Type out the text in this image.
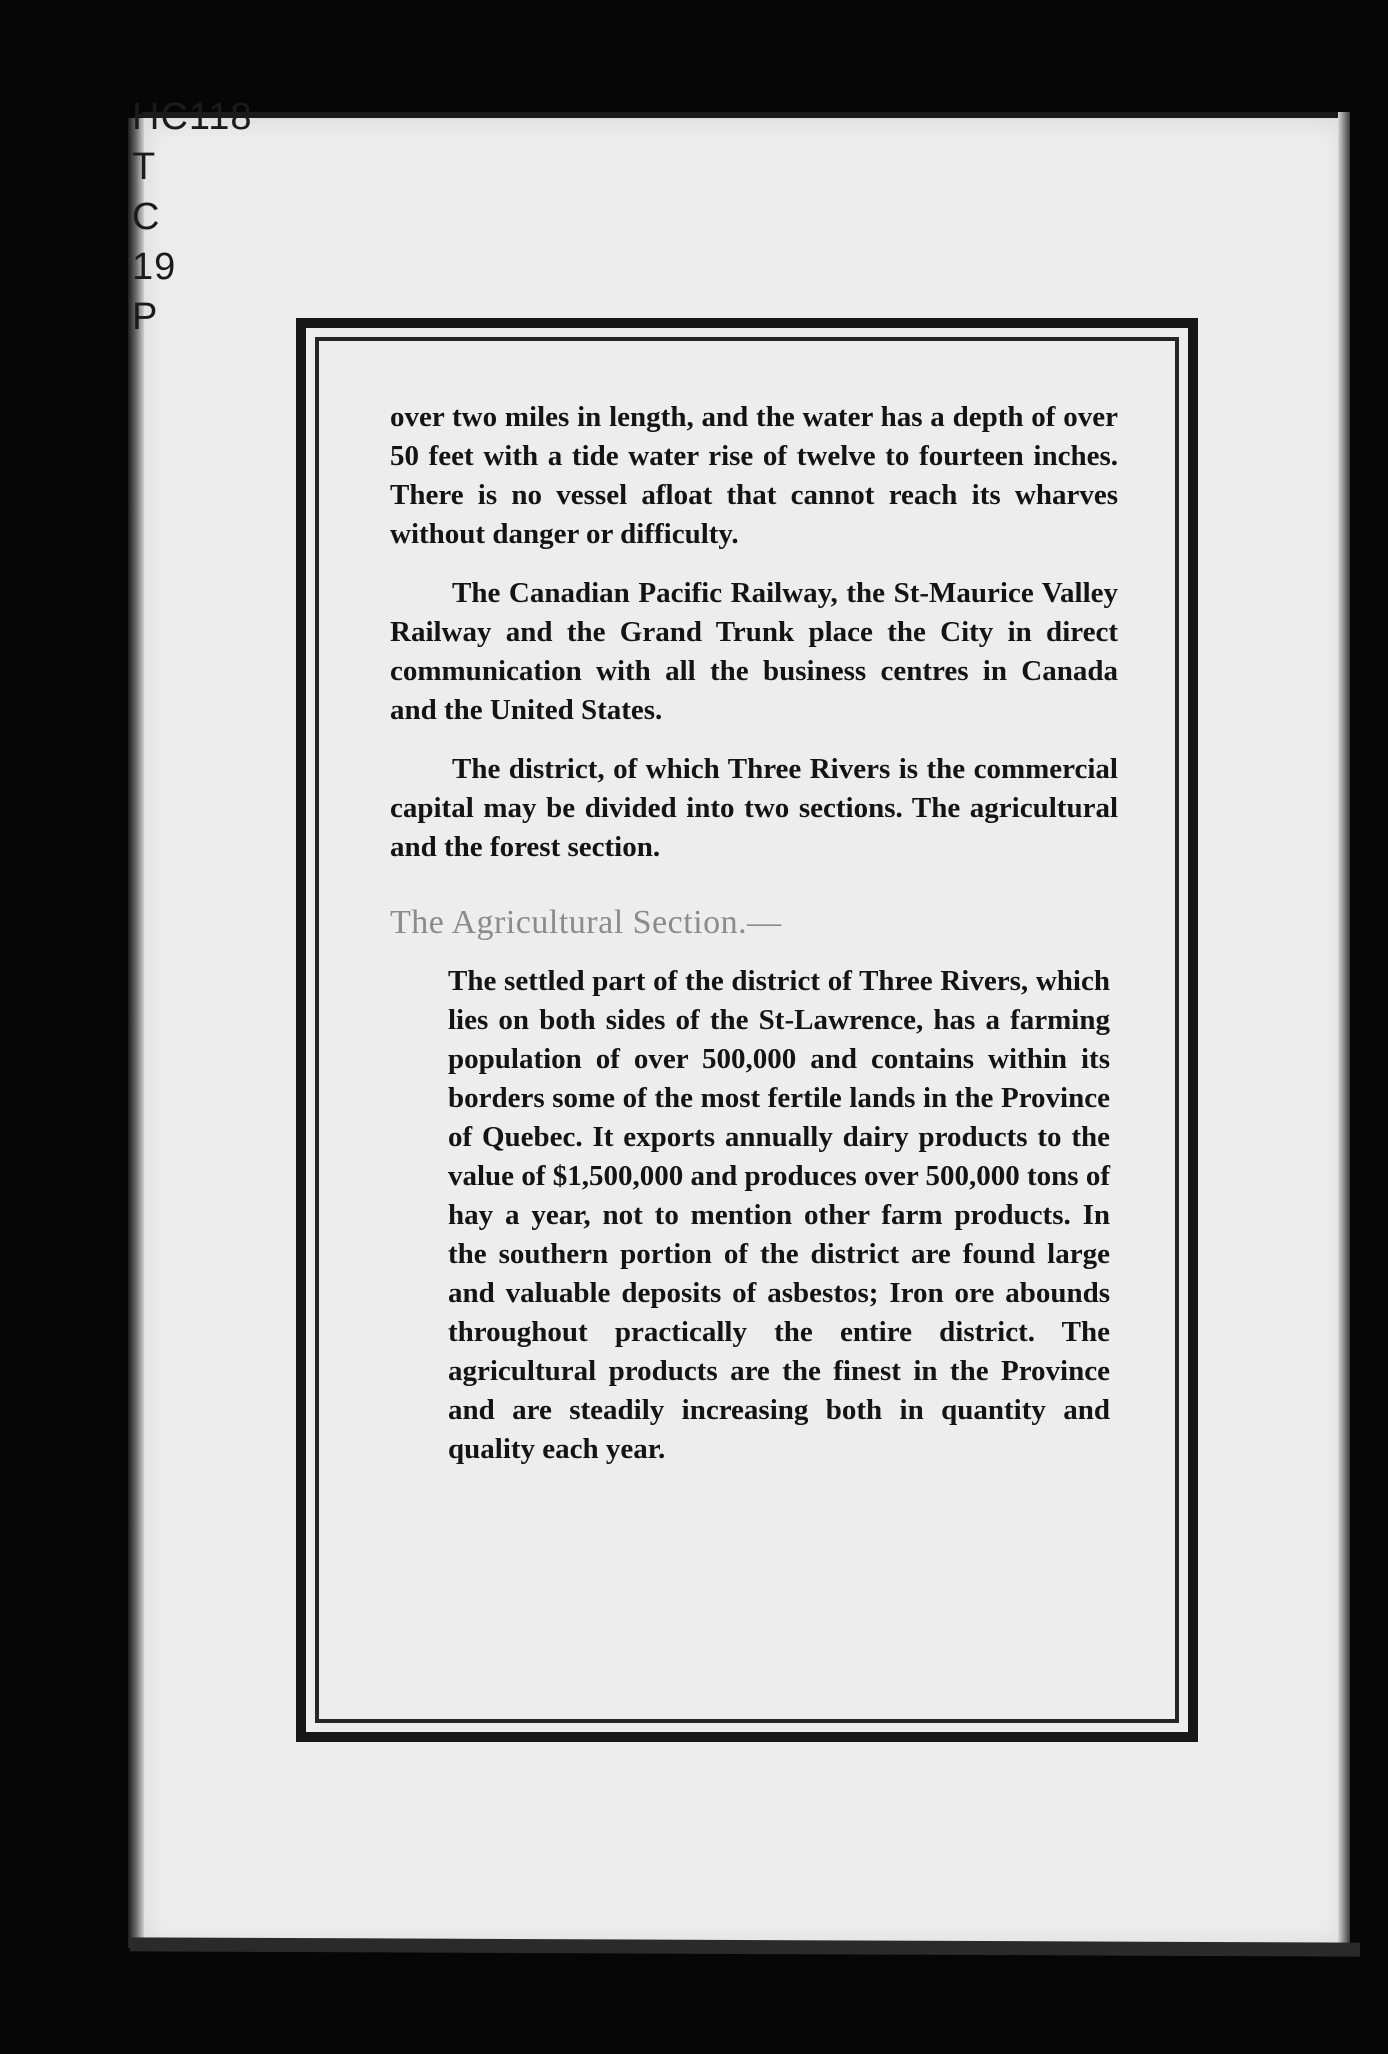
HC118
T
C
19
P

over two miles in length, and the water has a depth of over 50 feet with a tide water rise of twelve to fourteen inches. There is no vessel afloat that cannot reach its wharves without danger or difficulty.

The Canadian Pacific Railway, the St-Maurice Valley Railway and the Grand Trunk place the City in direct communication with all the business centres in Canada and the United States.

The district, of which Three Rivers is the commercial capital may be divided into two sections. The agricultural and the forest section.

The Agricultural Section.—

The settled part of the district of Three Rivers, which lies on both sides of the St-Lawrence, has a farming population of over 500,000 and contains within its borders some of the most fertile lands in the Province of Quebec. It exports annually dairy products to the value of $1,500,000 and produces over 500,000 tons of hay a year, not to mention other farm products. In the southern portion of the district are found large and valuable deposits of asbestos; Iron ore abounds throughout practically the entire district. The agricultural products are the finest in the Province and are steadily increasing both in quantity and quality each year.
